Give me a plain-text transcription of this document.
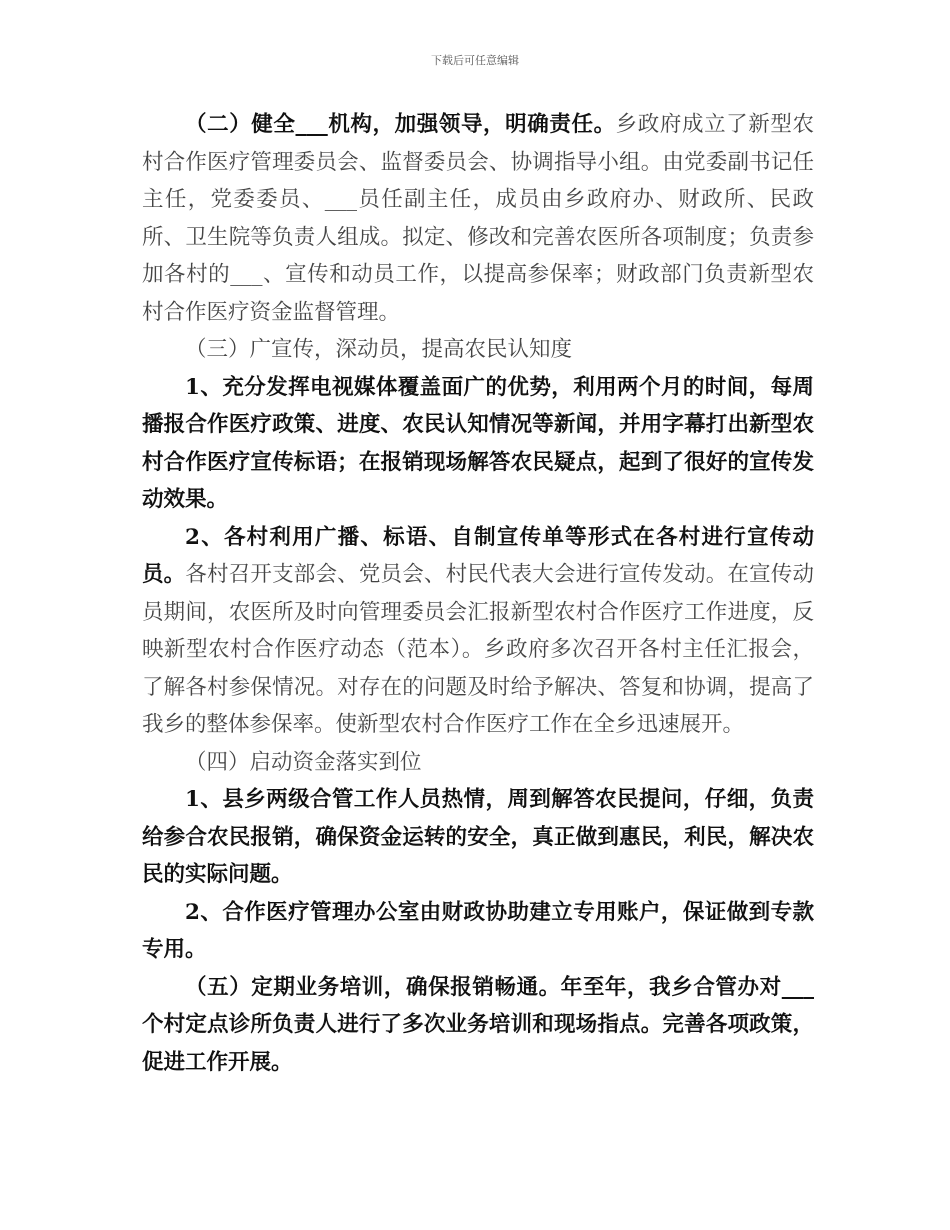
下载后可任意编辑

（二）健全___机构，加强领导，明确责任。乡政府成立了新型农村合作医疗管理委员会、监督委员会、协调指导小组。由党委副书记任主任，党委委员、___员任副主任，成员由乡政府办、财政所、民政所、卫生院等负责人组成。拟定、修改和完善农医所各项制度；负责参加各村的___、宣传和动员工作，以提高参保率；财政部门负责新型农村合作医疗资金监督管理。

（三）广宣传，深动员，提高农民认知度

1、充分发挥电视媒体覆盖面广的优势，利用两个月的时间，每周播报合作医疗政策、进度、农民认知情况等新闻，并用字幕打出新型农村合作医疗宣传标语；在报销现场解答农民疑点，起到了很好的宣传发动效果。

2、各村利用广播、标语、自制宣传单等形式在各村进行宣传动员。各村召开支部会、党员会、村民代表大会进行宣传发动。在宣传动员期间，农医所及时向管理委员会汇报新型农村合作医疗工作进度，反映新型农村合作医疗动态（范本）。乡政府多次召开各村主任汇报会，了解各村参保情况。对存在的问题及时给予解决、答复和协调，提高了我乡的整体参保率。使新型农村合作医疗工作在全乡迅速展开。

（四）启动资金落实到位

1、县乡两级合管工作人员热情，周到解答农民提问，仔细，负责给参合农民报销，确保资金运转的安全，真正做到惠民，利民，解决农民的实际问题。

2、合作医疗管理办公室由财政协助建立专用账户，保证做到专款专用。

（五）定期业务培训，确保报销畅通。年至年，我乡合管办对___个村定点诊所负责人进行了多次业务培训和现场指点。完善各项政策，促进工作开展。
